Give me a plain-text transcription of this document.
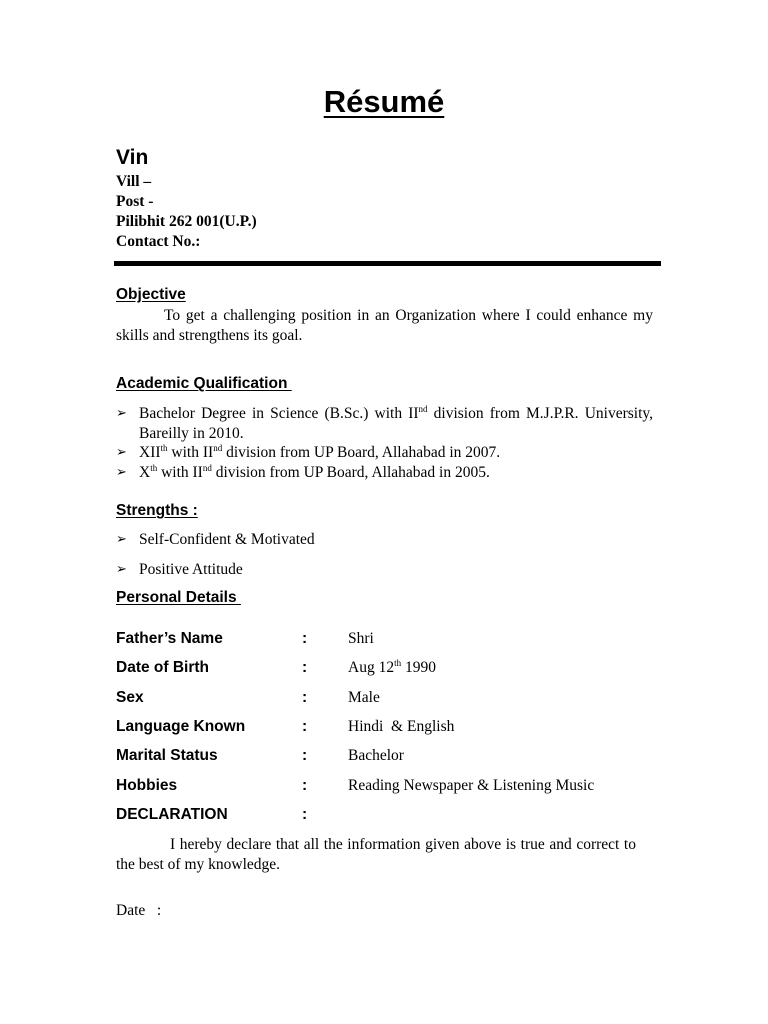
Résumé
Vin
Vill –
Post -
Pilibhit 262 001(U.P.)
Contact No.:
Objective
To get a challenging position in an Organization where I could enhance my skills and strengthens its goal.
Academic Qualification
➢ Bachelor Degree in Science (B.Sc.) with IInd division from M.J.P.R. University, Bareilly in 2010.
➢ XIIth with IInd division from UP Board, Allahabad in 2007.
➢ Xth with IInd division from UP Board, Allahabad in 2005.
Strengths :
➢ Self-Confident & Motivated
➢ Positive Attitude
Personal Details
Father’s Name	:	Shri
Date of Birth	:	Aug 12th 1990
Sex	:	Male
Language Known	:	Hindi  & English
Marital Status	:	Bachelor
Hobbies	:	Reading Newspaper & Listening Music
DECLARATION	:
I hereby declare that all the information given above is true and correct to the best of my knowledge.
Date   :
